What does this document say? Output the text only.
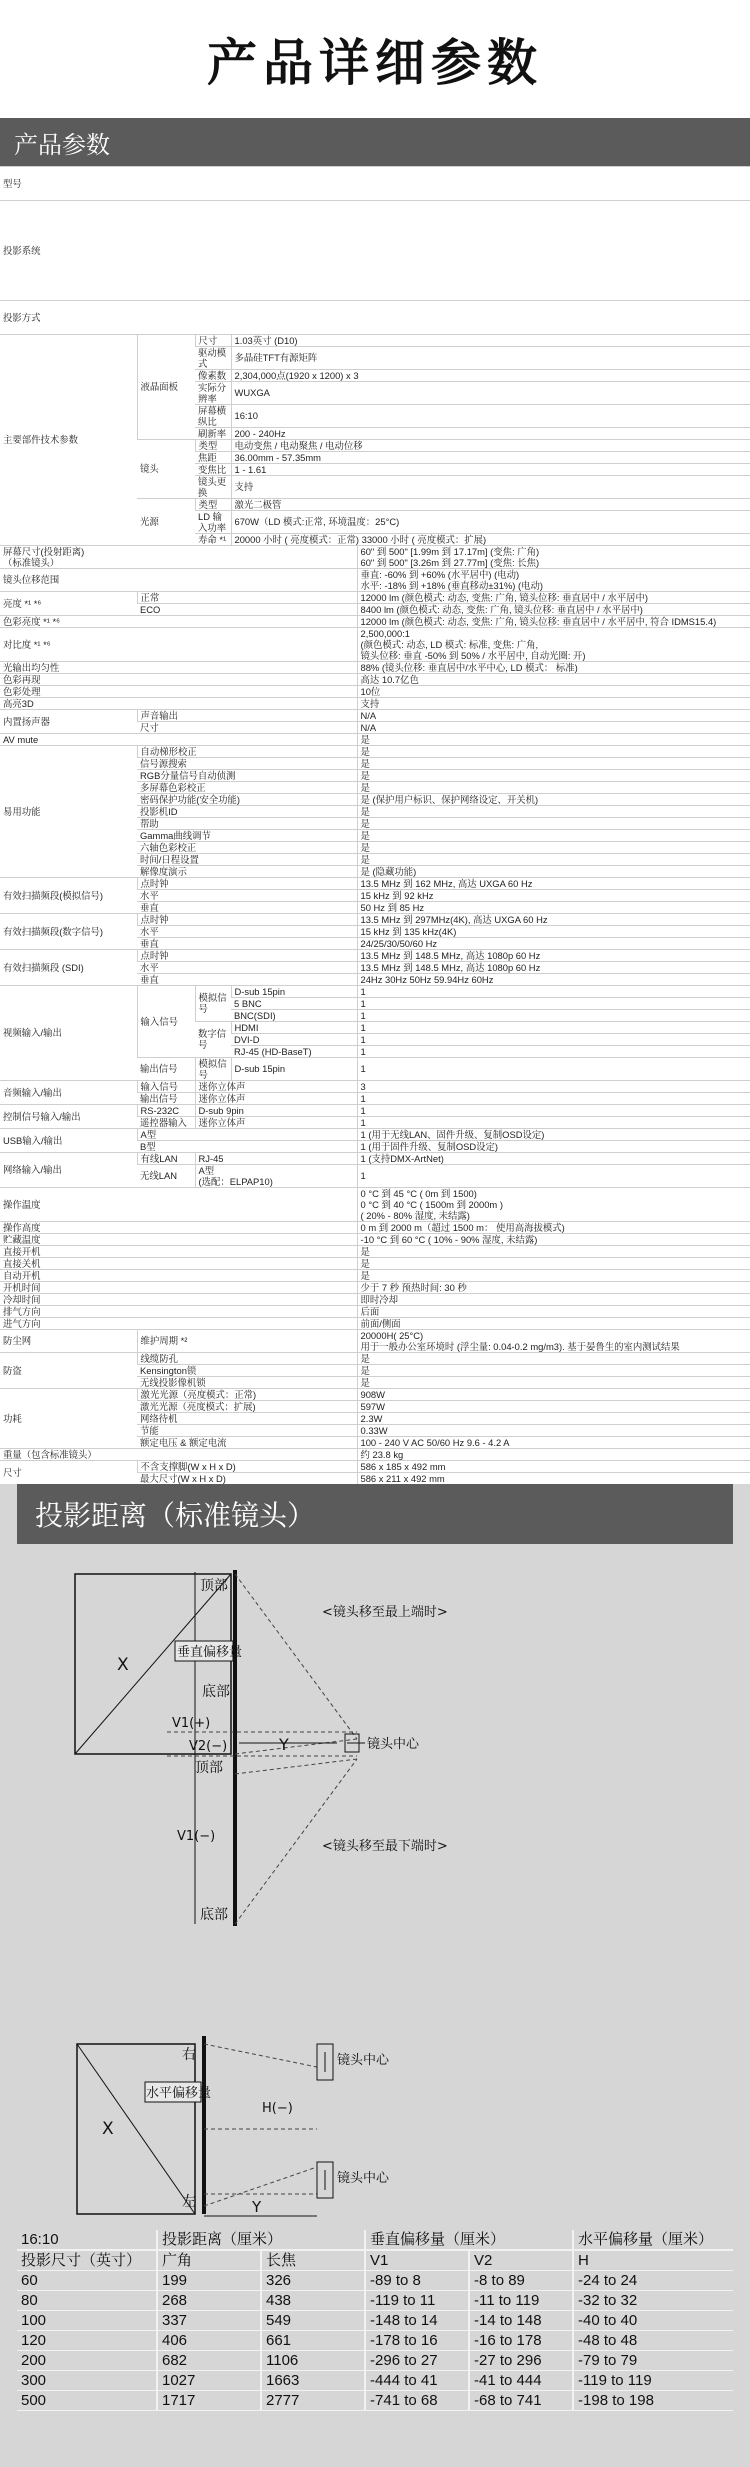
产品详细参数
产品参数
型号	
投影系统	
投影方式	
主要部件技术参数	液晶面板	尺寸	1.03英寸 (D10)		
		驱动模式	多晶硅TFT有源矩阵		
		像素数	2,304,000点(1920 x 1200) x 3		
		实际分辨率	WUXGA		
		屏幕横纵比	16:10		
		刷新率	200 - 240Hz		
	镜头	类型	电动变焦 / 电动聚焦 / 电动位移		
		焦距	36.00mm - 57.35mm		
		变焦比	1 - 1.61		
		镜头更换	支持		
	光源	类型	激光二极管		
		LD 输入功率	670W（LD 模式:正常, 环境温度：25°C)		
		寿命 *¹	20000 小时 ( 亮度模式：正常) 33000 小时 ( 亮度模式：扩展)		
屏幕尺寸(投射距离)
（标准镜头）				60" 到 500" [1.99m 到 17.17m] (变焦: 广角)
60" 到 500" [3.26m 到 27.77m] (变焦: 长焦)	
镜头位移范围				垂直: -60% 到 +60% (水平居中) (电动)
水平: -18% 到 +18% (垂直移动±31%) (电动)	
亮度 *¹ *⁶	正常			12000 lm (颜色模式: 动态, 变焦: 广角, 镜头位移: 垂直居中 / 水平居中)	
	ECO			8400 lm (颜色模式: 动态, 变焦: 广角, 镜头位移: 垂直居中 / 水平居中)	
色彩亮度 *¹ *⁶				12000 lm (颜色模式: 动态, 变焦: 广角, 镜头位移: 垂直居中 / 水平居中, 符合 IDMS15.4)	
对比度 *¹ *⁶				2,500,000:1
(颜色模式: 动态, LD 模式: 标准, 变焦: 广角,
镜头位移: 垂直 -50% 到 50% / 水平居中, 自动光圈: 开)	
光输出均匀性				88% (镜头位移: 垂直居中/水平中心, LD 模式： 标准)	
色彩再现				高达 10.7亿色	
色彩处理				10位	
高亮3D				支持	
内置扬声器	声音输出			N/A	
	尺寸			N/A	
AV mute				是	
易用功能	自动梯形校正			是	
	信号源搜索			是	
	RGB分量信号自动侦测			是	
	多屏幕色彩校正			是	
	密码保护功能(安全功能)			是 (保护用户标识、保护网络设定、开关机)	
	投影机ID			是	
	帮助			是	
	Gamma曲线调节			是	
	六轴色彩校正			是	
	时间/日程设置			是	
	解像度演示			是 (隐藏功能)	
有效扫描频段(模拟信号)	点时钟			13.5 MHz 到 162 MHz, 高达 UXGA 60 Hz	
	水平			15 kHz 到 92 kHz	
	垂直			50 Hz 到 85 Hz	
有效扫描频段(数字信号)	点时钟			13.5 MHz 到 297MHz(4K), 高达 UXGA 60 Hz	
	水平			15 kHz 到 135 kHz(4K)	
	垂直			24/25/30/50/60 Hz	
有效扫描频段 (SDI)	点时钟			13.5 MHz 到 148.5 MHz, 高达 1080p 60 Hz	
	水平			13.5 MHz 到 148.5 MHz, 高达 1080p 60 Hz	
	垂直			24Hz 30Hz 50Hz 59.94Hz 60Hz	
视频输入/输出	输入信号	模拟信号	D-sub 15pin	1	
			5 BNC	1	
			BNC(SDI)	1	
		数字信号	HDMI	1	
			DVI-D	1	
			RJ-45 (HD-BaseT)	1	
	输出信号	模拟信号	D-sub 15pin	1	
音频输入/输出	输入信号	迷你立体声		3	
	输出信号	迷你立体声		1	
控制信号输入/输出	RS-232C	D-sub 9pin		1	
	遥控器输入	迷你立体声		1	
USB输入/输出	A型			1 (用于无线LAN、固件升级、复制OSD设定)	
	B型			1 (用于固件升级、复制OSD设定)	
网络输入/输出	有线LAN	RJ-45		1 (支持DMX-ArtNet)	
	无线LAN	A型
(选配：ELPAP10)		1	
操作温度				0 °C 到 45 °C ( 0m 到 1500)
0 °C 到 40 °C ( 1500m 到 2000m )
( 20% - 80% 湿度, 未结露)	
操作高度				0 m 到 2000 m（超过 1500 m： 使用高海拔模式)	
贮藏温度				-10 °C 到 60 °C ( 10% - 90% 湿度, 未结露)	
直接开机				是	
直接关机				是	
自动开机				是	
开机时间				少于 7 秒 预热时间: 30 秒	
冷却时间				即时冷却	
排气方向				后面	
进气方向				前面/侧面	
防尘网	维护周期 *²			20000H( 25°C)
用于一般办公室环境时 (浮尘量: 0.04-0.2 mg/m3). 基于晏鲁生的室内测试结果	
防盗	线缆防孔			是	
	Kensington锁			是	
	无线投影像机锁			是	
功耗	激光光源（亮度模式：正常)			908W	
	激光光源（亮度模式：扩展)			597W	
	网络待机			2.3W	
	节能			0.33W	
	额定电压 & 额定电流			100 - 240 V AC 50/60 Hz 9.6 - 4.2 A	
重量（包含标准镜头）				约 23.8 kg	
尺寸	不含支撑脚(W x H x D)			586 x 185 x 492 mm	
	最大尺寸(W x H x D)			586 x 211 x 492 mm	
投影距离（标准镜头）
X
顶部
垂直偏移量
底部
V1(+)
V2(−)	Y
顶部
V1(−)
底部
镜头中心
<镜头移至最上端时>
<镜头移至最下端时>
X
右
左
水平偏移量
H(−)
Y
镜头中心
镜头中心
16:10	投影距离（厘米）		垂直偏移量（厘米）		水平偏移量（厘米）
投影尺寸（英寸）	广角	长焦	V1	V2	H
60	199	326	-89 to 8	-8 to 89	-24 to 24
80	268	438	-119 to 11	-11 to 119	-32 to 32
100	337	549	-148 to 14	-14 to 148	-40 to 40
120	406	661	-178 to 16	-16 to 178	-48 to 48
200	682	1106	-296 to 27	-27 to 296	-79 to 79
300	1027	1663	-444 to 41	-41 to 444	-119 to 119
500	1717	2777	-741 to 68	-68 to 741	-198 to 198
